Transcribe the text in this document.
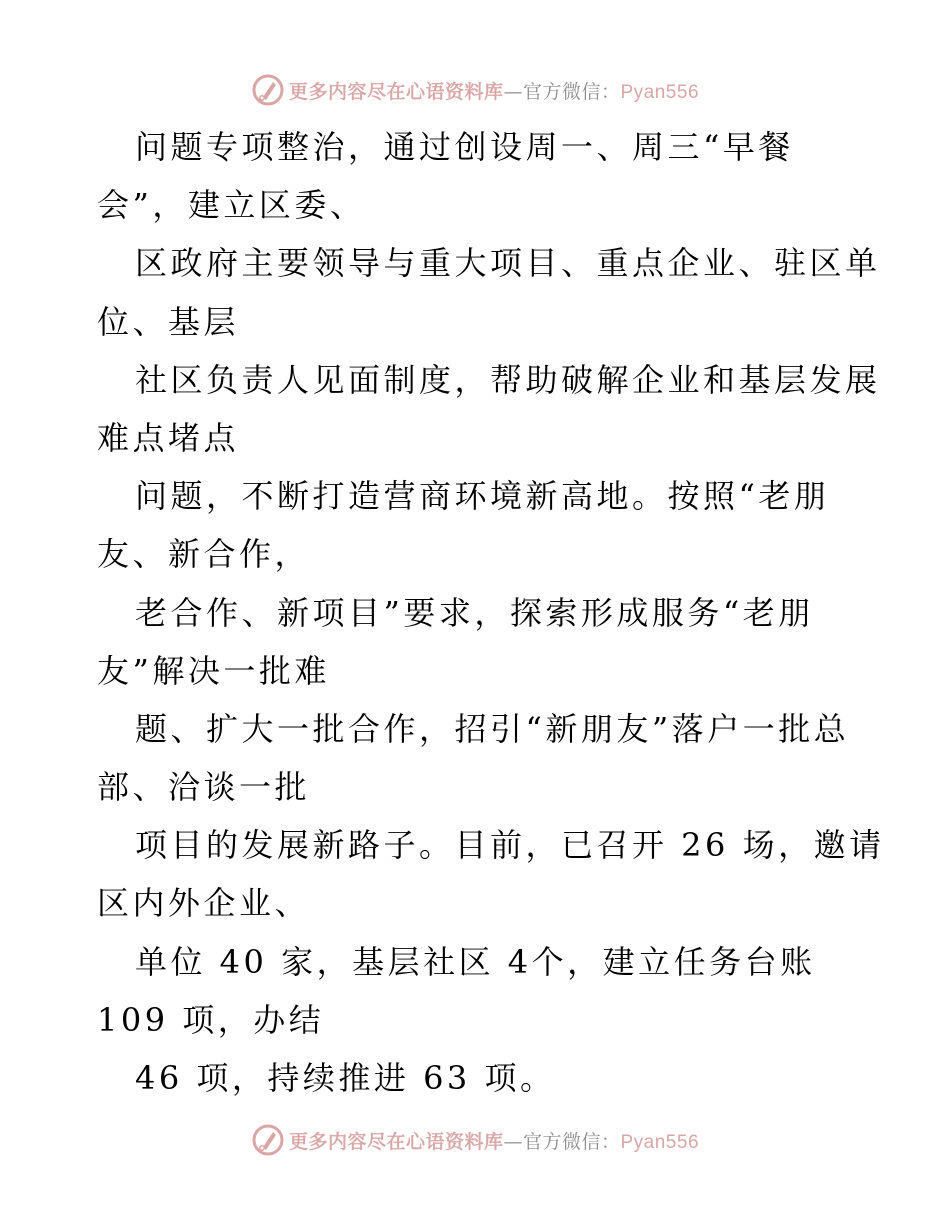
更多内容尽在心语资料库—官方微信：Pyan556
问题专项整治，通过创设周一、周三“早餐
会”，建立区委、
区政府主要领导与重大项目、重点企业、驻区单
位、基层
社区负责人见面制度，帮助破解企业和基层发展
难点堵点
问题，不断打造营商环境新高地。按照“老朋
友、新合作，
老合作、新项目”要求，探索形成服务“老朋
友”解决一批难
题、扩大一批合作，招引“新朋友”落户一批总
部、洽谈一批
项目的发展新路子。目前，已召开 26 场，邀请
区内外企业、
单位 40 家，基层社区 4个，建立任务台账
109 项，办结
46 项，持续推进 63 项。
更多内容尽在心语资料库—官方微信：Pyan556
